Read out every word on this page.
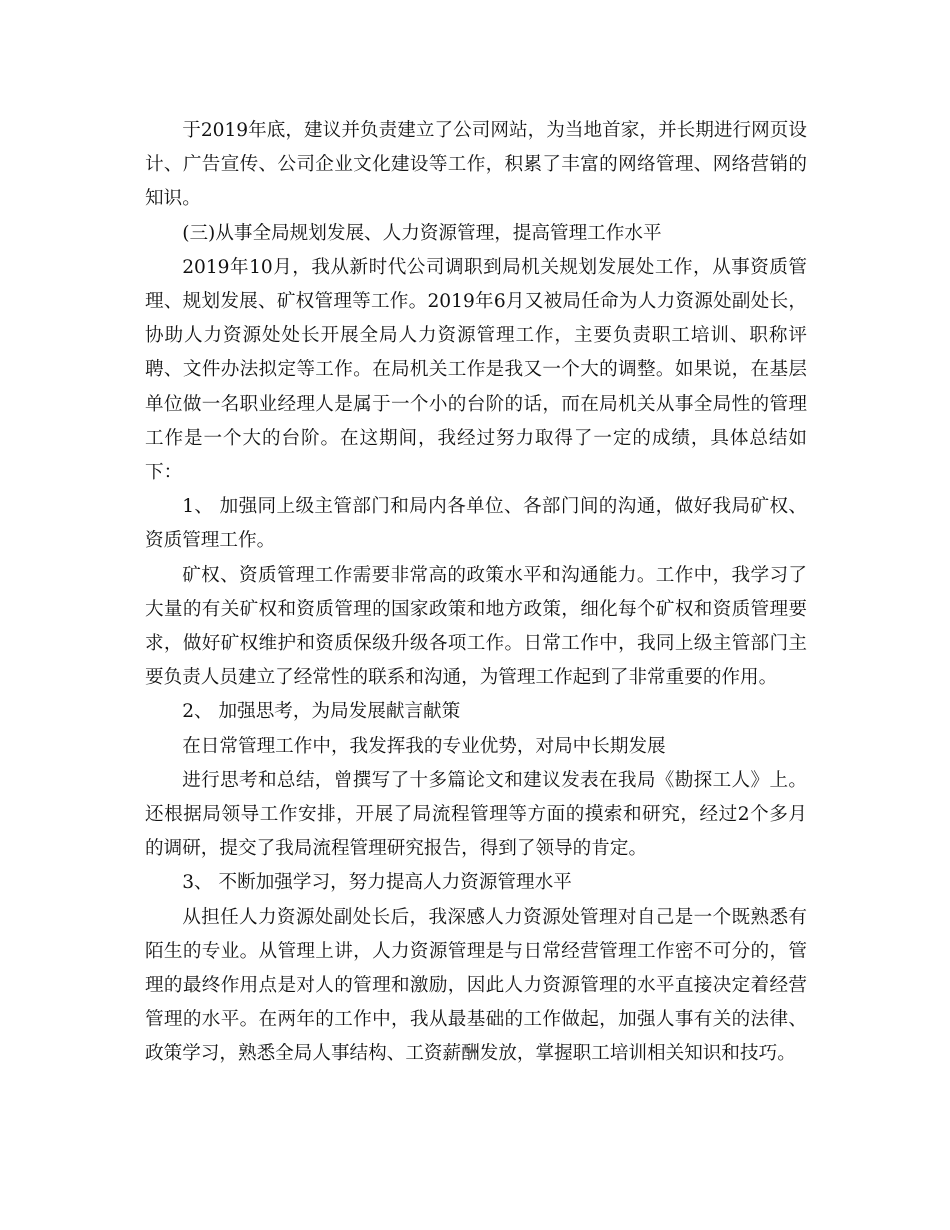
于2019年底，建议并负责建立了公司网站，为当地首家，并长期进行网页设计、广告宣传、公司企业文化建设等工作，积累了丰富的网络管理、网络营销的知识。

(三)从事全局规划发展、人力资源管理，提高管理工作水平

2019年10月，我从新时代公司调职到局机关规划发展处工作，从事资质管理、规划发展、矿权管理等工作。2019年6月又被局任命为人力资源处副处长，协助人力资源处处长开展全局人力资源管理工作，主要负责职工培训、职称评聘、文件办法拟定等工作。在局机关工作是我又一个大的调整。如果说，在基层单位做一名职业经理人是属于一个小的台阶的话，而在局机关从事全局性的管理工作是一个大的台阶。在这期间，我经过努力取得了一定的成绩，具体总结如下：

1、 加强同上级主管部门和局内各单位、各部门间的沟通，做好我局矿权、资质管理工作。

矿权、资质管理工作需要非常高的政策水平和沟通能力。工作中，我学习了大量的有关矿权和资质管理的国家政策和地方政策，细化每个矿权和资质管理要求，做好矿权维护和资质保级升级各项工作。日常工作中，我同上级主管部门主要负责人员建立了经常性的联系和沟通，为管理工作起到了非常重要的作用。

2、 加强思考，为局发展献言献策

在日常管理工作中，我发挥我的专业优势，对局中长期发展

进行思考和总结，曾撰写了十多篇论文和建议发表在我局《勘探工人》上。还根据局领导工作安排，开展了局流程管理等方面的摸索和研究，经过2个多月的调研，提交了我局流程管理研究报告，得到了领导的肯定。

3、 不断加强学习，努力提高人力资源管理水平

从担任人力资源处副处长后，我深感人力资源处管理对自己是一个既熟悉有陌生的专业。从管理上讲，人力资源管理是与日常经营管理工作密不可分的，管理的最终作用点是对人的管理和激励，因此人力资源管理的水平直接决定着经营管理的水平。在两年的工作中，我从最基础的工作做起，加强人事有关的法律、政策学习，熟悉全局人事结构、工资薪酬发放，掌握职工培训相关知识和技巧。
